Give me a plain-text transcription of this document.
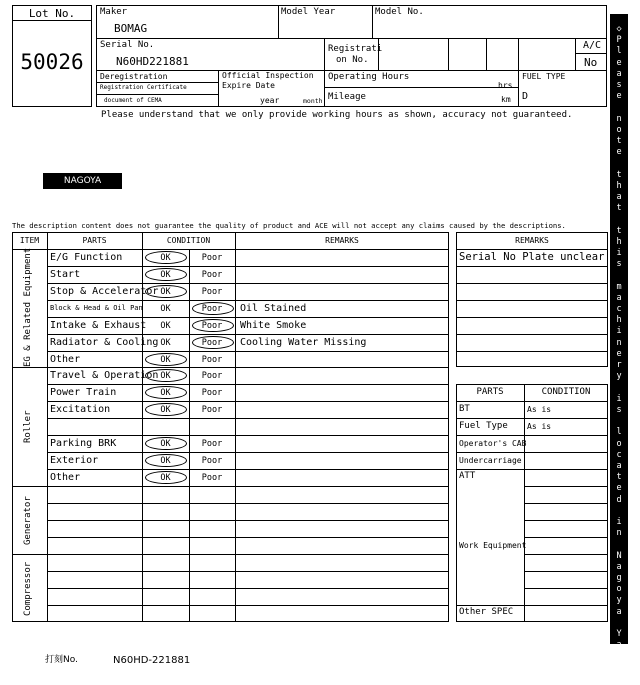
Lot No.
50026
Maker
BOMAG
Model Year	Model No.
Serial No.
N60HD221881
Registrati
on No.
A/C
No
Deregistration
Registration Certificate
document of CEMA
Official Inspection
Expire Date
year	month
Operating Hours
hrs
Mileage	km
FUEL TYPE
D
Please understand that we only provide working hours as shown, accuracy not guaranteed.
NAGOYA
The description content does not guarantee the quality of product and ACE will not accept any claims caused by the descriptions.
ITEM	PARTS	CONDITION	REMARKS
EG & Related Equipment
Roller
Generator
Compressor
E/G Function	OK	Poor
Start	OK	Poor
Stop & Accelerator OK	Poor
Block & Head & Oil Pan	OK	Poor	Oil Stained
Intake & Exhaust	OK	Poor	White Smoke
Radiator & Cooling OK	Poor	Cooling Water Missing
Other	OK	Poor
Travel & Operation OK	Poor
Power Train	OK	Poor
Excitation	OK	Poor
Parking BRK	OK	Poor
Exterior	OK	Poor
Other	OK	Poor
REMARKS
Serial No Plate unclear
PARTS	CONDITION
BT	As is
Fuel Type As is
Operator's CAB
Undercarriage
ATT
Work Equipment
Other SPEC
◇
P
l
e
a
s
e

n
o
t
e

t
h
a
t

t
h
i
s

m
a
c
h
i
n
e
r
y

i
s

l
o
c
a
t
e
d

i
n

N
a
g
o
y
a

Y
a
r
d
◇
打刻No.	N60HD-221881
